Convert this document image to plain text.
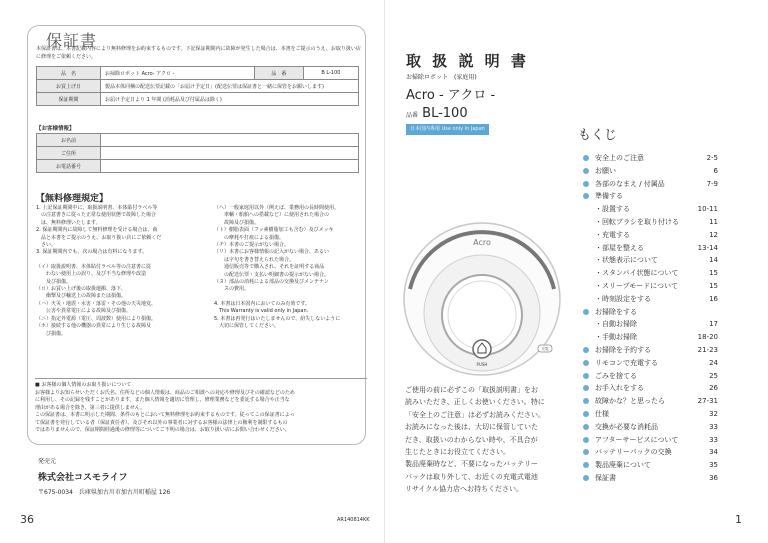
保証書
本保証書は、本書記載内容により無料修理をお約束するものです。下記保証期間内に故障が発生した場合は、本書をご提示のうえ、お取り扱い店に修理をご依頼ください。
品　名	お掃除ロボット Acro- アクロ -	品　番	B L-100
お買上げ日	製品本体同梱の配送伝票記載の「お届け予定日」(配送伝票は保証書と一緒に保管をお願いします)		
保証期間	お届け予定日より 1 年間 (消耗品及び付属品は除く)		
【お客様情報】
お名前	
ご住所	
お電話番号	
【無料修理規定】
1. 上記保証期間中に、取扱説明書、本体貼付ラベル等
　の注意書きに従った正常な使用状態で故障した場合
　は、無料修理いたします。
2. 保証期間内に故障して無料修理を受ける場合は、商
　品と本書をご提示のうえ、お取り扱い店にご依頼くだ
　さい。
3. 保証期間内でも、次の場合は有料になります。
（イ）取扱説明書、本体貼付ラベル等の注意書に従
　　わない使用上の誤り、及び不当な修理や改造
　　及び損傷。
（ロ）お買い上げ後の取扱運搬、落下、
　　衝撃及び輸送上の故障または損傷。
（ハ）火災・地震・水害・落雷・その他の天災地変、
　　公害や異常電圧による故障及び損傷。
（ニ）指定外電源（電圧、周波数）使用により損傷。
（ホ）接続する他の機器の異常により生じる故障及
　　び損傷。
（へ）一般家庭用以外（例えば、業務用の長時間使用、
　　車輌・船舶への搭載など）に使用された場合の
　　故障及び損傷。
（ト）樹脂表面（フッ素樹脂加工も含む）及びメッキ
　　の摩耗や打痕による損傷。
（チ）本書のご提示がない場合。
（リ）本書にお客様情報の記入がない場合、あるい
　　は字句を書き替えられた場合。
　　通信販売等で購入され、それを証明する商品
　　の配送伝票・支払い明細書の提示がない場合。
（ヌ）部品の消耗による部品の交換及びメンテナン
　　スの費用。
4. 本書は日本国内においてのみ有効です。
　This Warranty is valid only in Japan.
5. 本書は再発行はいたしませんので、紛失しないように
　大切に保管してください。
■ お客様の個人情報のお取り扱いについて
お客様よりお知らせいただくお氏名、住所などの個人情報は、商品のご相談への対応や修理及びその確認などのため
に利用し、その記録を残すことがあります。また個人情報を適切に管理し、修理業務などを委託する場合や正当な
理由がある場合を除き、第三者に提供しません。
この保証書は、本書に明示した期間、条件のもとにおいて無料修理をお約束するものです。従ってこの保証書によっ
て保証書を発行している者（保証責任者）、及びそれ以外の事業者に対するお客様の法律上の権利を制限するもの
ではありませんので、保証期間経過後の修理等についてご不明の場合は、お取り扱い店にお問い合わせください。
発売元
株式会社コスモライフ
〒675-0034　兵庫県加古川市加古川町稲屋 126
36	AR140814KK
取 扱 説 明 書
お掃除ロボット　(家庭用)
Acro - アクロ -
品番 BL-100
日本国内専用 Use only in Japan
Acro
PUSH
充電
ご使用の前に必ずこの「取扱説明書」をお
読みいただき、正しくお使いください。特に
「安全上のご注意」は必ずお読みください。
お読みになった後は、大切に保管していた
だき、取扱いのわからない時や、不具合が
生じたときにお役立てください。
製品廃棄時など、不要になったバッテリー
パックは取り外して、お近くの充電式電池
リサイクル協力店へお持ちください。
もくじ
安全上のご注意	2-5
お願い	6
各部のなまえ / 付属品	7-9
準備する
・設置する	10-11
・回転ブラシを取り付ける	11
・充電する	12
・部屋を整える	13-14
・状態表示について	14
・スタンバイ状態について	15
・スリープモードについて	15
・時刻設定をする	16
お掃除をする
・自動お掃除	17
・手動お掃除	18-20
お掃除を予約する	21-23
リモコンで充電する	24
ごみを捨てる	25
お手入れをする	26
故障かな？と思ったら	27-31
仕様	32
交換が必要な消耗品	33
アフターサービスについて	33
バッテリーパックの交換	34
製品廃棄について	35
保証書	36
1
